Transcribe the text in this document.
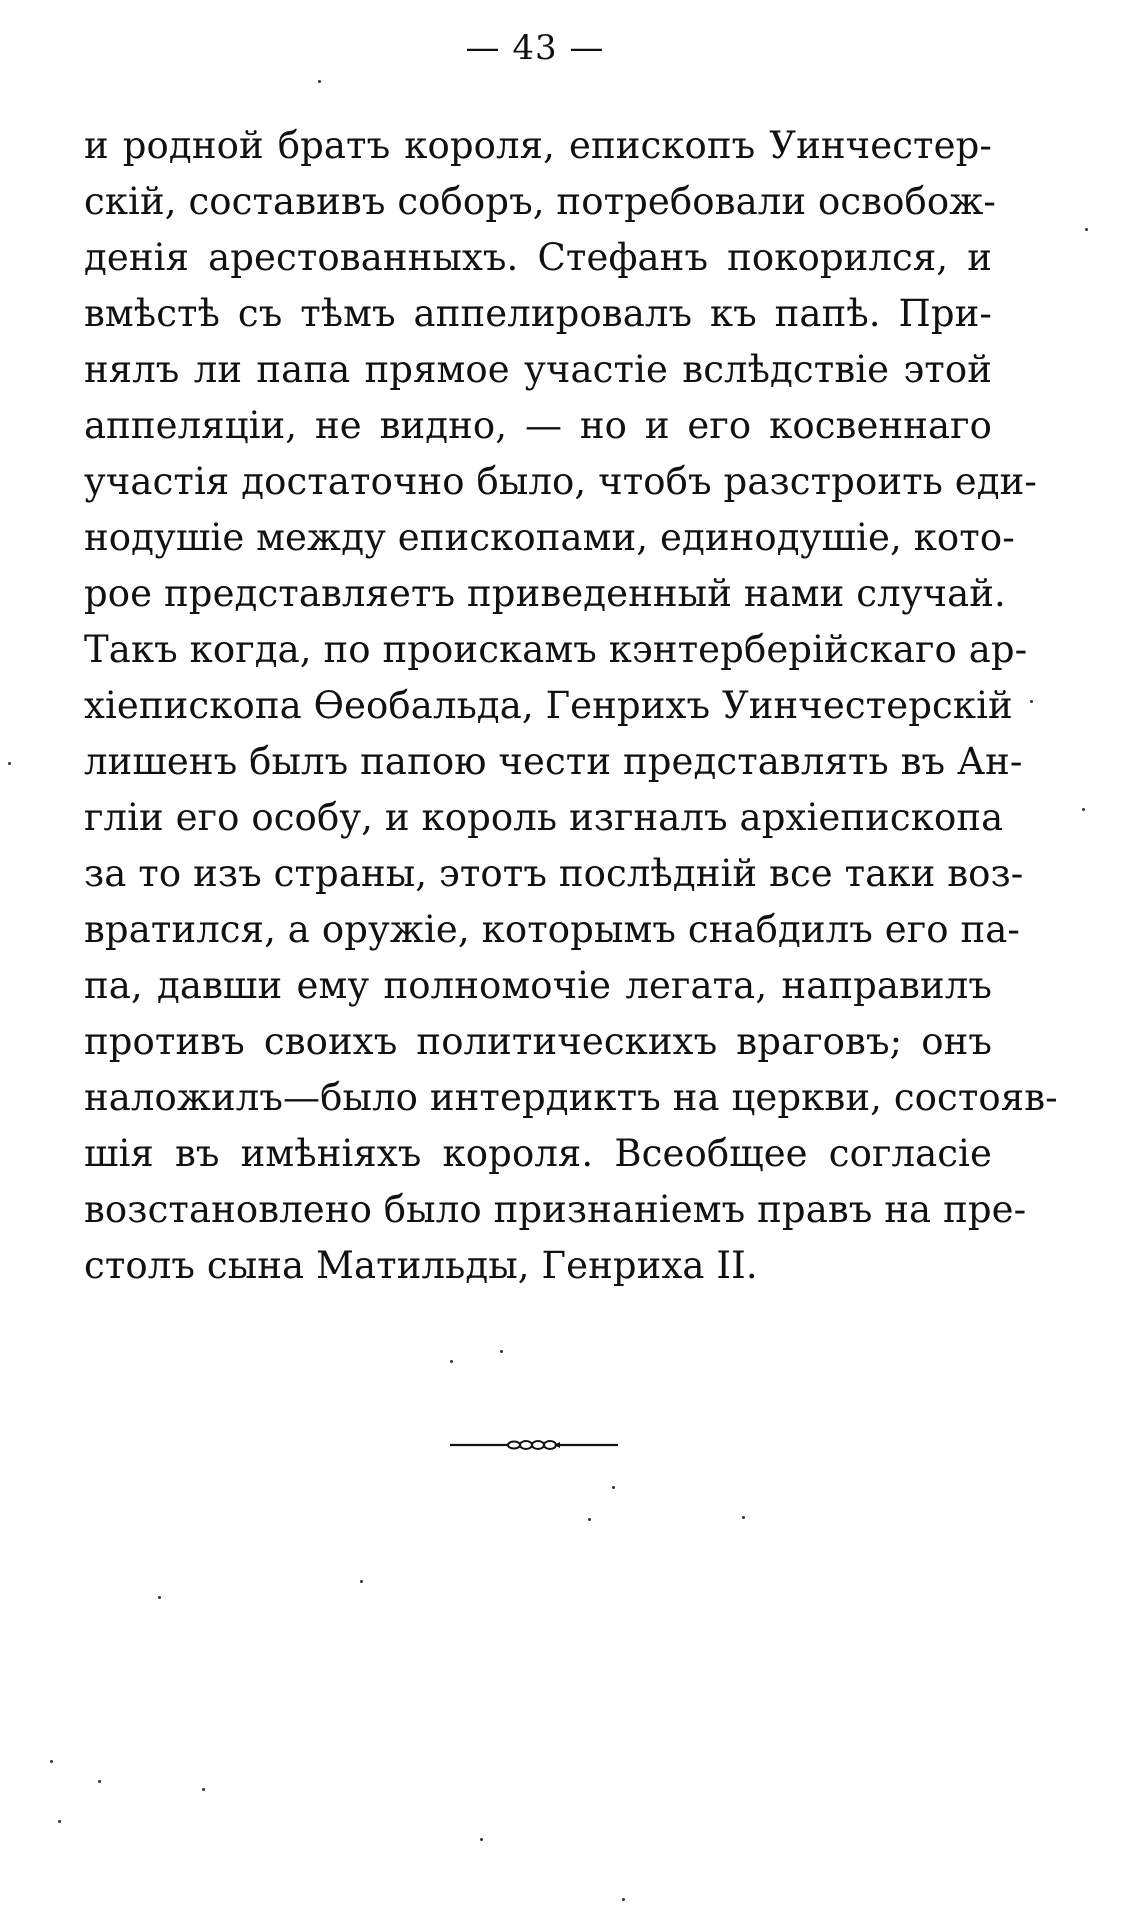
— 43 —
и родной братъ короля, епископъ Уинчестер-
скій, составивъ соборъ, потребовали освобож-
денія арестованныхъ. Стефанъ покорился, и
вмѣстѣ съ тѣмъ аппелировалъ къ папѣ. При-
нялъ ли папа прямое участіе вслѣдствіе этой
аппеляціи, не видно, — но и его косвеннаго
участія достаточно было, чтобъ разстроить еди-
нодушіе между епископами, единодушіе, кото-
рое представляетъ приведенный нами случай.
Такъ когда, по проискамъ кэнтерберійскаго ар-
хіепископа Ѳеобальда, Генрихъ Уинчестерскій
лишенъ былъ папою чести представлять въ Ан-
гліи его особу, и король изгналъ архіепископа
за то изъ страны, этотъ послѣдній все таки воз-
вратился, а оружіе, которымъ снабдилъ его па-
па, давши ему полномочіе легата, направилъ
противъ своихъ политическихъ враговъ; онъ
наложилъ—было интердиктъ на церкви, состояв-
шія въ имѣніяхъ короля. Всеобщее согласіе
возстановлено было признаніемъ правъ на пре-
столъ сына Матильды, Генриха II.
